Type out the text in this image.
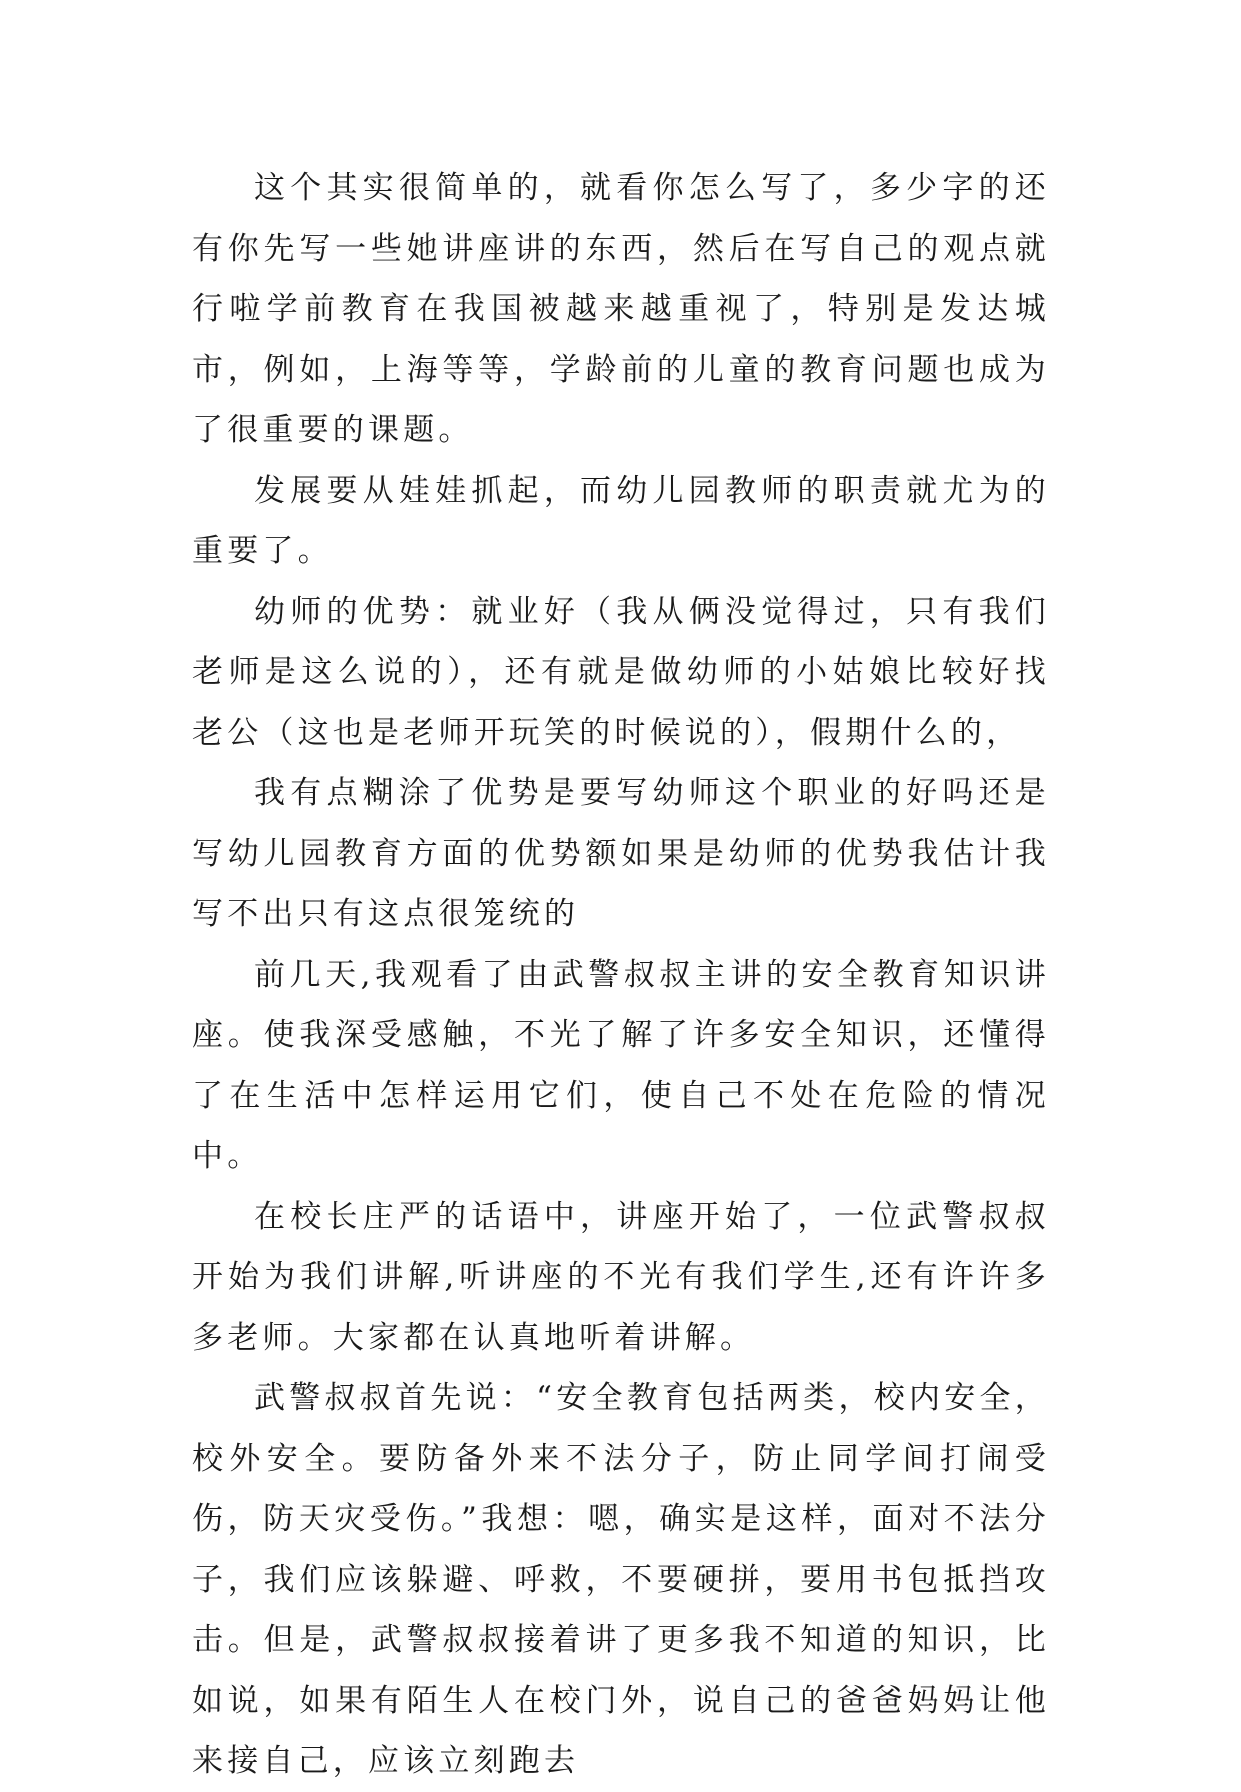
这个其实很简单的，就看你怎么写了，多少字的还有你先写一些她讲座讲的东西，然后在写自己的观点就行啦学前教育在我国被越来越重视了，特别是发达城市，例如，上海等等，学龄前的儿童的教育问题也成为了很重要的课题。

发展要从娃娃抓起，而幼儿园教师的职责就尤为的重要了。

幼师的优势：就业好（我从俩没觉得过，只有我们老师是这么说的），还有就是做幼师的小姑娘比较好找老公（这也是老师开玩笑的时候说的），假期什么的，

我有点糊涂了优势是要写幼师这个职业的好吗还是写幼儿园教育方面的优势额如果是幼师的优势我估计我写不出只有这点很笼统的

前几天,我观看了由武警叔叔主讲的安全教育知识讲座。使我深受感触，不光了解了许多安全知识，还懂得了在生活中怎样运用它们，使自己不处在危险的情况中。

在校长庄严的话语中，讲座开始了，一位武警叔叔开始为我们讲解,听讲座的不光有我们学生,还有许许多多老师。大家都在认真地听着讲解。

武警叔叔首先说：“安全教育包括两类，校内安全，校外安全。要防备外来不法分子，防止同学间打闹受伤，防天灾受伤。”我想：嗯，确实是这样，面对不法分子，我们应该躲避、呼救，不要硬拼，要用书包抵挡攻击。但是，武警叔叔接着讲了更多我不知道的知识，比如说，如果有陌生人在校门外，说自己的爸爸妈妈让他来接自己，应该立刻跑去
